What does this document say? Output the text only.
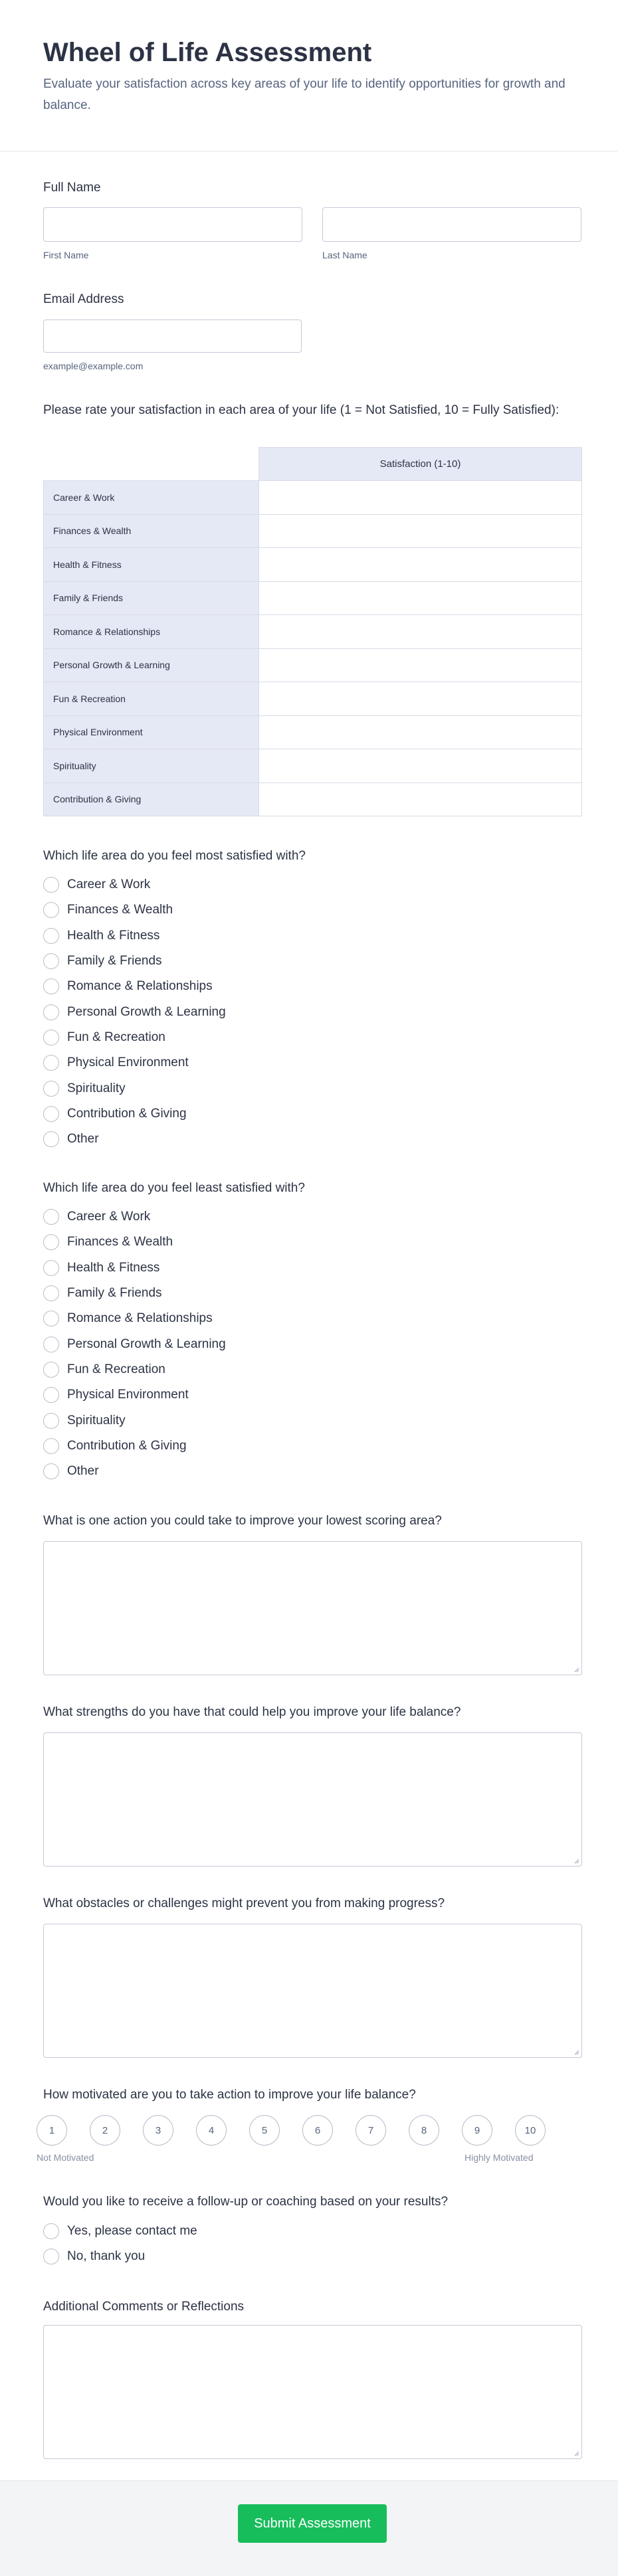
Wheel of Life Assessment

Evaluate your satisfaction across key areas of your life to identify opportunities for growth and balance.

Full Name
First Name	Last Name
Email Address
example@example.com
Please rate your satisfaction in each area of your life (1 = Not Satisfied, 10 = Fully Satisfied):
	Satisfaction (1-10)
Career & Work	
Finances & Wealth	
Health & Fitness	
Family & Friends	
Romance & Relationships	
Personal Growth & Learning	
Fun & Recreation	
Physical Environment	
Spirituality	
Contribution & Giving	
Which life area do you feel most satisfied with?
Career & Work
Finances & Wealth
Health & Fitness
Family & Friends
Romance & Relationships
Personal Growth & Learning
Fun & Recreation
Physical Environment
Spirituality
Contribution & Giving
Other
Which life area do you feel least satisfied with?
Career & Work
Finances & Wealth
Health & Fitness
Family & Friends
Romance & Relationships
Personal Growth & Learning
Fun & Recreation
Physical Environment
Spirituality
Contribution & Giving
Other
What is one action you could take to improve your lowest scoring area?
What strengths do you have that could help you improve your life balance?
What obstacles or challenges might prevent you from making progress?
How motivated are you to take action to improve your life balance?
1	2	3	4	5	6	7	8	9	10
Not Motivated	Highly Motivated
Would you like to receive a follow-up or coaching based on your results?
Yes, please contact me
No, thank you
Additional Comments or Reflections
Submit Assessment
